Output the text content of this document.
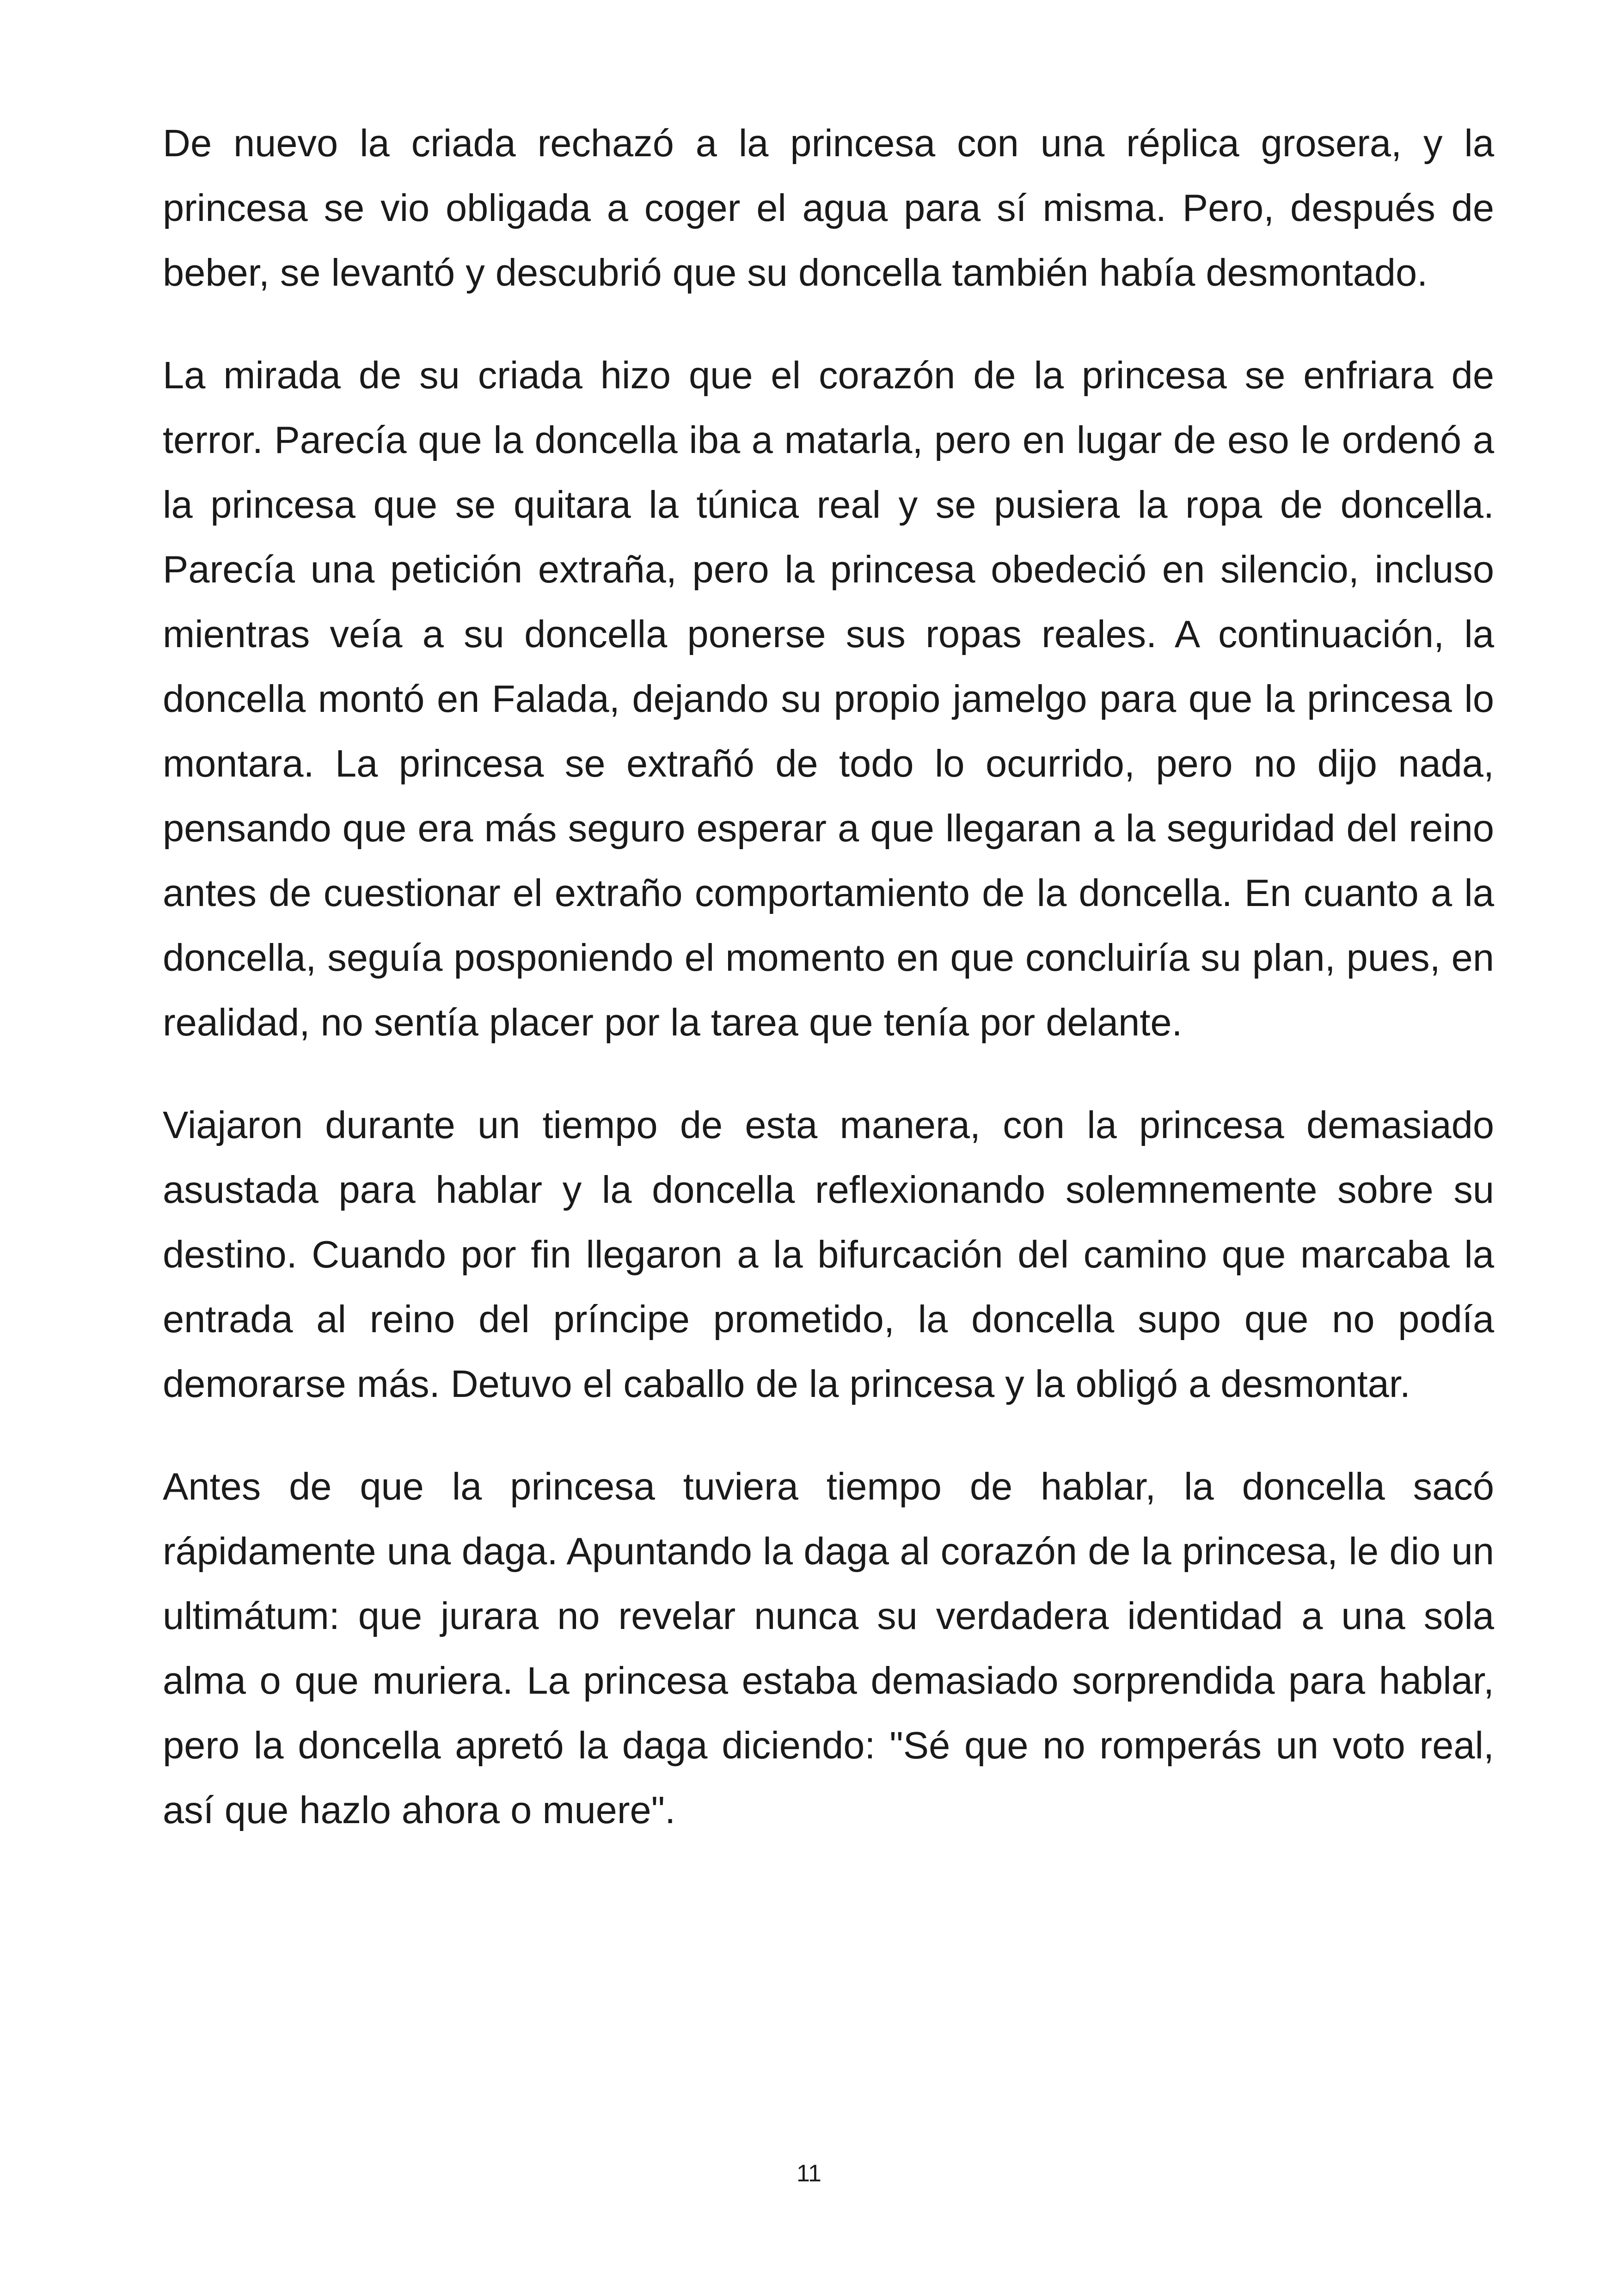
De nuevo la criada rechazó a la princesa con una réplica grosera, y la princesa se vio obligada a coger el agua para sí misma. Pero, después de beber, se levantó y descubrió que su doncella también había desmontado.

La mirada de su criada hizo que el corazón de la princesa se enfriara de terror. Parecía que la doncella iba a matarla, pero en lugar de eso le ordenó a la princesa que se quitara la túnica real y se pusiera la ropa de doncella. Parecía una petición extraña, pero la princesa obedeció en silencio, incluso mientras veía a su doncella ponerse sus ropas reales. A continuación, la doncella montó en Falada, dejando su propio jamelgo para que la princesa lo montara. La princesa se extrañó de todo lo ocurrido, pero no dijo nada, pensando que era más seguro esperar a que llegaran a la seguridad del reino antes de cuestionar el extraño comportamiento de la doncella. En cuanto a la doncella, seguía posponiendo el momento en que concluiría su plan, pues, en realidad, no sentía placer por la tarea que tenía por delante.

Viajaron durante un tiempo de esta manera, con la princesa demasiado asustada para hablar y la doncella reflexionando solemnemente sobre su destino. Cuando por fin llegaron a la bifurcación del camino que marcaba la entrada al reino del príncipe prometido, la doncella supo que no podía demorarse más. Detuvo el caballo de la princesa y la obligó a desmontar.

Antes de que la princesa tuviera tiempo de hablar, la doncella sacó rápidamente una daga. Apuntando la daga al corazón de la princesa, le dio un ultimátum: que jurara no revelar nunca su verdadera identidad a una sola alma o que muriera. La princesa estaba demasiado sorprendida para hablar, pero la doncella apretó la daga diciendo: "Sé que no romperás un voto real, así que hazlo ahora o muere".

11
